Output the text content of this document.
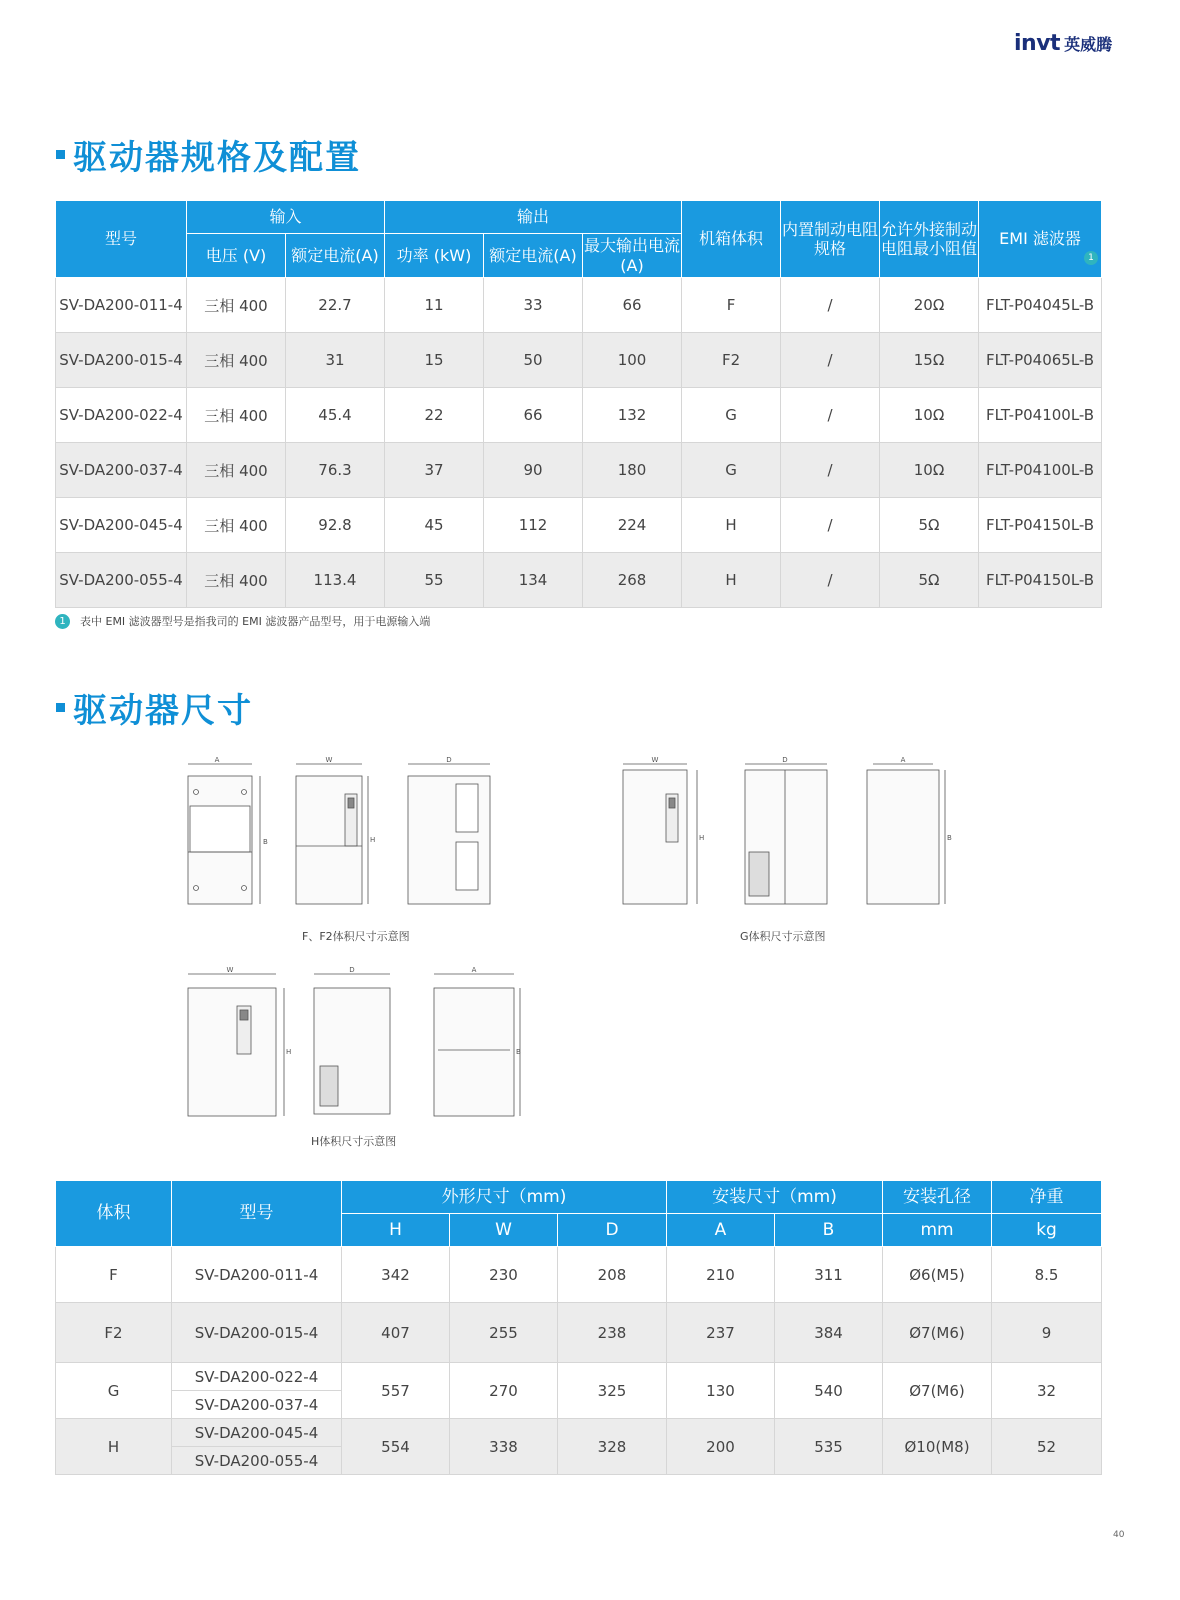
invt 英威腾
驱动器规格及配置
型号	输入		输出			机箱体积	内置制动电阻规格	允许外接制动电阻最小阻值	EMI 滤波器
1

	电压 (V)	额定电流(A)	功率 (kW)	额定电流(A)	最大输出电流 (A)				
SV-DA200-011-4	三相 400	22.7	11	33	66	F	/	20Ω	FLT-P04045L-B
SV-DA200-015-4	三相 400	31	15	50	100	F2	/	15Ω	FLT-P04065L-B
SV-DA200-022-4	三相 400	45.4	22	66	132	G	/	10Ω	FLT-P04100L-B
SV-DA200-037-4	三相 400	76.3	37	90	180	G	/	10Ω	FLT-P04100L-B
SV-DA200-045-4	三相 400	92.8	45	112	224	H	/	5Ω	FLT-P04150L-B
SV-DA200-055-4	三相 400	113.4	55	134	268	H	/	5Ω	FLT-P04150L-B
1	表中 EMI 滤波器型号是指我司的 EMI 滤波器产品型号，用于电源输入端
驱动器尺寸
A
B
W
H
D
F、F2体积尺寸示意图
W
H
D	A
B
G体积尺寸示意图
W
H
D	A
B
H体积尺寸示意图
体积	型号	外形尺寸（mm)			安装尺寸（mm)		安装孔径	净重
		H	W	D	A	B	mm	kg
F	SV-DA200-011-4	342	230	208	210	311	Ø6(M5)	8.5
F2	SV-DA200-015-4	407	255	238	237	384	Ø7(M6)	9
G	SV-DA200-022-4	557	270	325	130	540	Ø7(M6)	32
	SV-DA200-037-4							
H	SV-DA200-045-4	554	338	328	200	535	Ø10(M8)	52
	SV-DA200-055-4							
40
